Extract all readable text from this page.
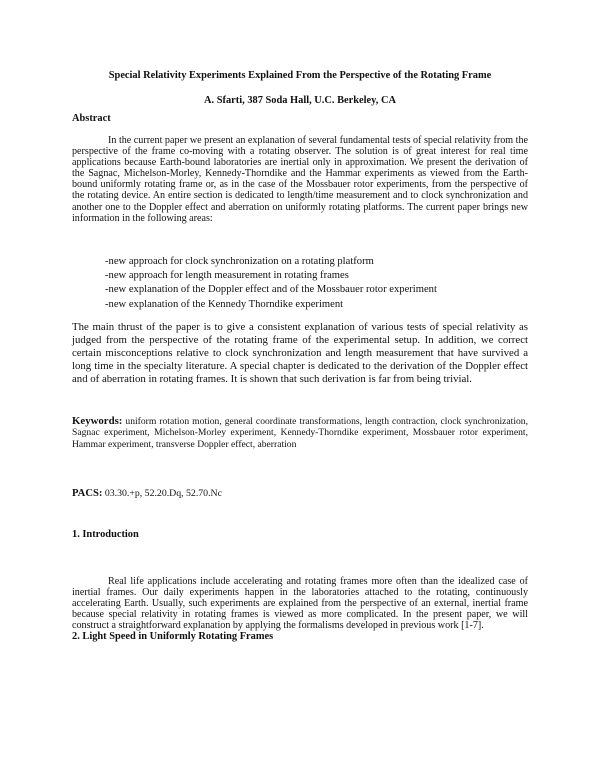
Special Relativity Experiments Explained From the Perspective of the Rotating Frame
A. Sfarti, 387 Soda Hall, U.C. Berkeley, CA
Abstract
In the current paper we present an explanation of several fundamental tests of special relativity from the perspective of the frame co-moving with a rotating observer. The solution is of great interest for real time applications because Earth-bound laboratories are inertial only in approximation. We present the derivation of the Sagnac, Michelson-Morley, Kennedy-Thorndike and the Hammar experiments as viewed from the Earth-bound uniformly rotating frame or, as in the case of the Mossbauer rotor experiments, from the perspective of the rotating device. An entire section is dedicated to length/time measurement and to clock synchronization and another one to the Doppler effect and aberration on uniformly rotating platforms. The current paper brings new information in the following areas:
-new approach for clock synchronization on a rotating platform
-new approach for length measurement in rotating frames
-new explanation of the Doppler effect and of the Mossbauer rotor experiment
-new explanation of the Kennedy Thorndike experiment
The main thrust of the paper is to give a consistent explanation of various tests of special relativity as judged from the perspective of the rotating frame of the experimental setup. In addition, we correct certain misconceptions relative to clock synchronization and length measurement that have survived a long time in the specialty literature. A special chapter is dedicated to the derivation of the Doppler effect and of aberration in rotating frames. It is shown that such derivation is far from being trivial.
Keywords: uniform rotation motion, general coordinate transformations, length contraction, clock synchronization, Sagnac experiment, Michelson-Morley experiment, Kennedy-Thorndike experiment, Mossbauer rotor experiment, Hammar experiment, transverse Doppler effect, aberration
PACS: 03.30.+p, 52.20.Dq, 52.70.Nc
1. Introduction
Real life applications include accelerating and rotating frames more often than the idealized case of inertial frames. Our daily experiments happen in the laboratories attached to the rotating, continuously accelerating Earth. Usually, such experiments are explained from the perspective of an external, inertial frame because special relativity in rotating frames is viewed as more complicated. In the present paper, we will construct a straightforward explanation by applying the formalisms developed in previous work [1-7].
2. Light Speed in Uniformly Rotating Frames
